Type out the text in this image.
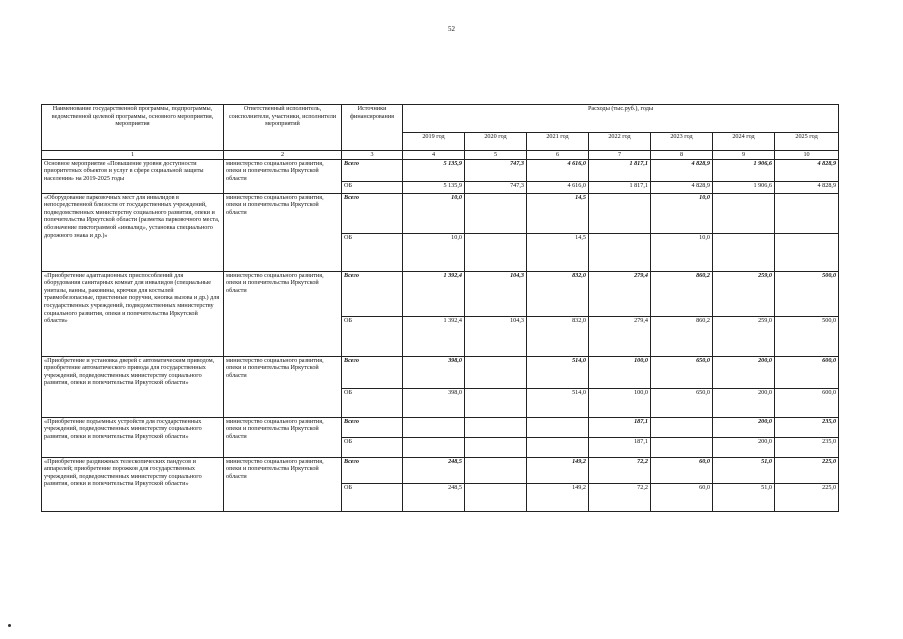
52
Наименование государственной программы, подпрограммы, ведомственной целевой программы, основного мероприятия, мероприятия	Ответственный исполнитель, соисполнители, участники, исполнители мероприятий	Источники финансирования	Расходы (тыс.руб.), годы						
			2019 год	2020 год	2021 год	2022 год	2023 год	2024 год	2025 год
1	2	3	4	5	6	7	8	9	10
Основное мероприятие «Повышение уровня доступности приоритетных объектов и услуг в сфере социальной защиты населения» на 2019-2025 годы	министерство социального развития, опеки и попечительства Иркутской области	Всего	5 135,9	747,3	4 616,0	1 817,1	4 828,9	1 906,6	4 828,9
		ОБ	5 135,9	747,3	4 616,0	1 817,1	4 828,9	1 906,6	4 828,9
«Оборудование парковочных мест для инвалидов в непосредственной близости от государственных учреждений, подведомственных министерству социального развития, опеки и попечительства Иркутской области (разметка парковочного места, обозначение пиктограммой «инвалид», установка специального дорожного знака и др.)»	министерство социального развития, опеки и попечительства Иркутской области	Всего	10,0		14,5		10,0		
		ОБ	10,0		14,5		10,0		
«Приобретение адаптационных приспособлений для оборудования санитарных комнат для инвалидов (специальные унитазы, ванны, раковины, крючки для костылей травмобезопасные, пристенные поручни, кнопка вызова и др.) для государственных учреждений, подведомственных министерству социального развития, опеки и попечительства Иркутской области»	министерство социального развития, опеки и попечительства Иркутской области	Всего	1 392,4	104,3	832,0	279,4	860,2	259,0	500,0
		ОБ	1 392,4	104,3	832,0	279,4	860,2	259,0	500,0
«Приобретение и установка дверей с автоматическим приводом, приобретение автоматического привода для государственных учреждений, подведомственных министерству социального развития, опеки и попечительства Иркутской области»	министерство социального развития, опеки и попечительства Иркутской области	Всего	398,0		514,0	100,0	650,0	200,0	600,0
		ОБ	398,0		514,0	100,0	650,0	200,0	600,0
«Приобретение подъемных устройств для государственных учреждений, подведомственных министерству социального развития, опеки и попечительства Иркутской области»	министерство социального развития, опеки и попечительства Иркутской области	Всего				187,1		200,0	235,0
		ОБ				187,1		200,0	235,0
«Приобретение раздвижных телескопических пандусов и аппарелей; приобретение порожков для государственных учреждений, подведомственных министерству социального развития, опеки и попечительства Иркутской области»	министерство социального развития, опеки и попечительства Иркутской области	Всего	248,5		149,2	72,2	60,0	51,0	225,0
		ОБ	248,5		149,2	72,2	60,0	51,0	225,0
